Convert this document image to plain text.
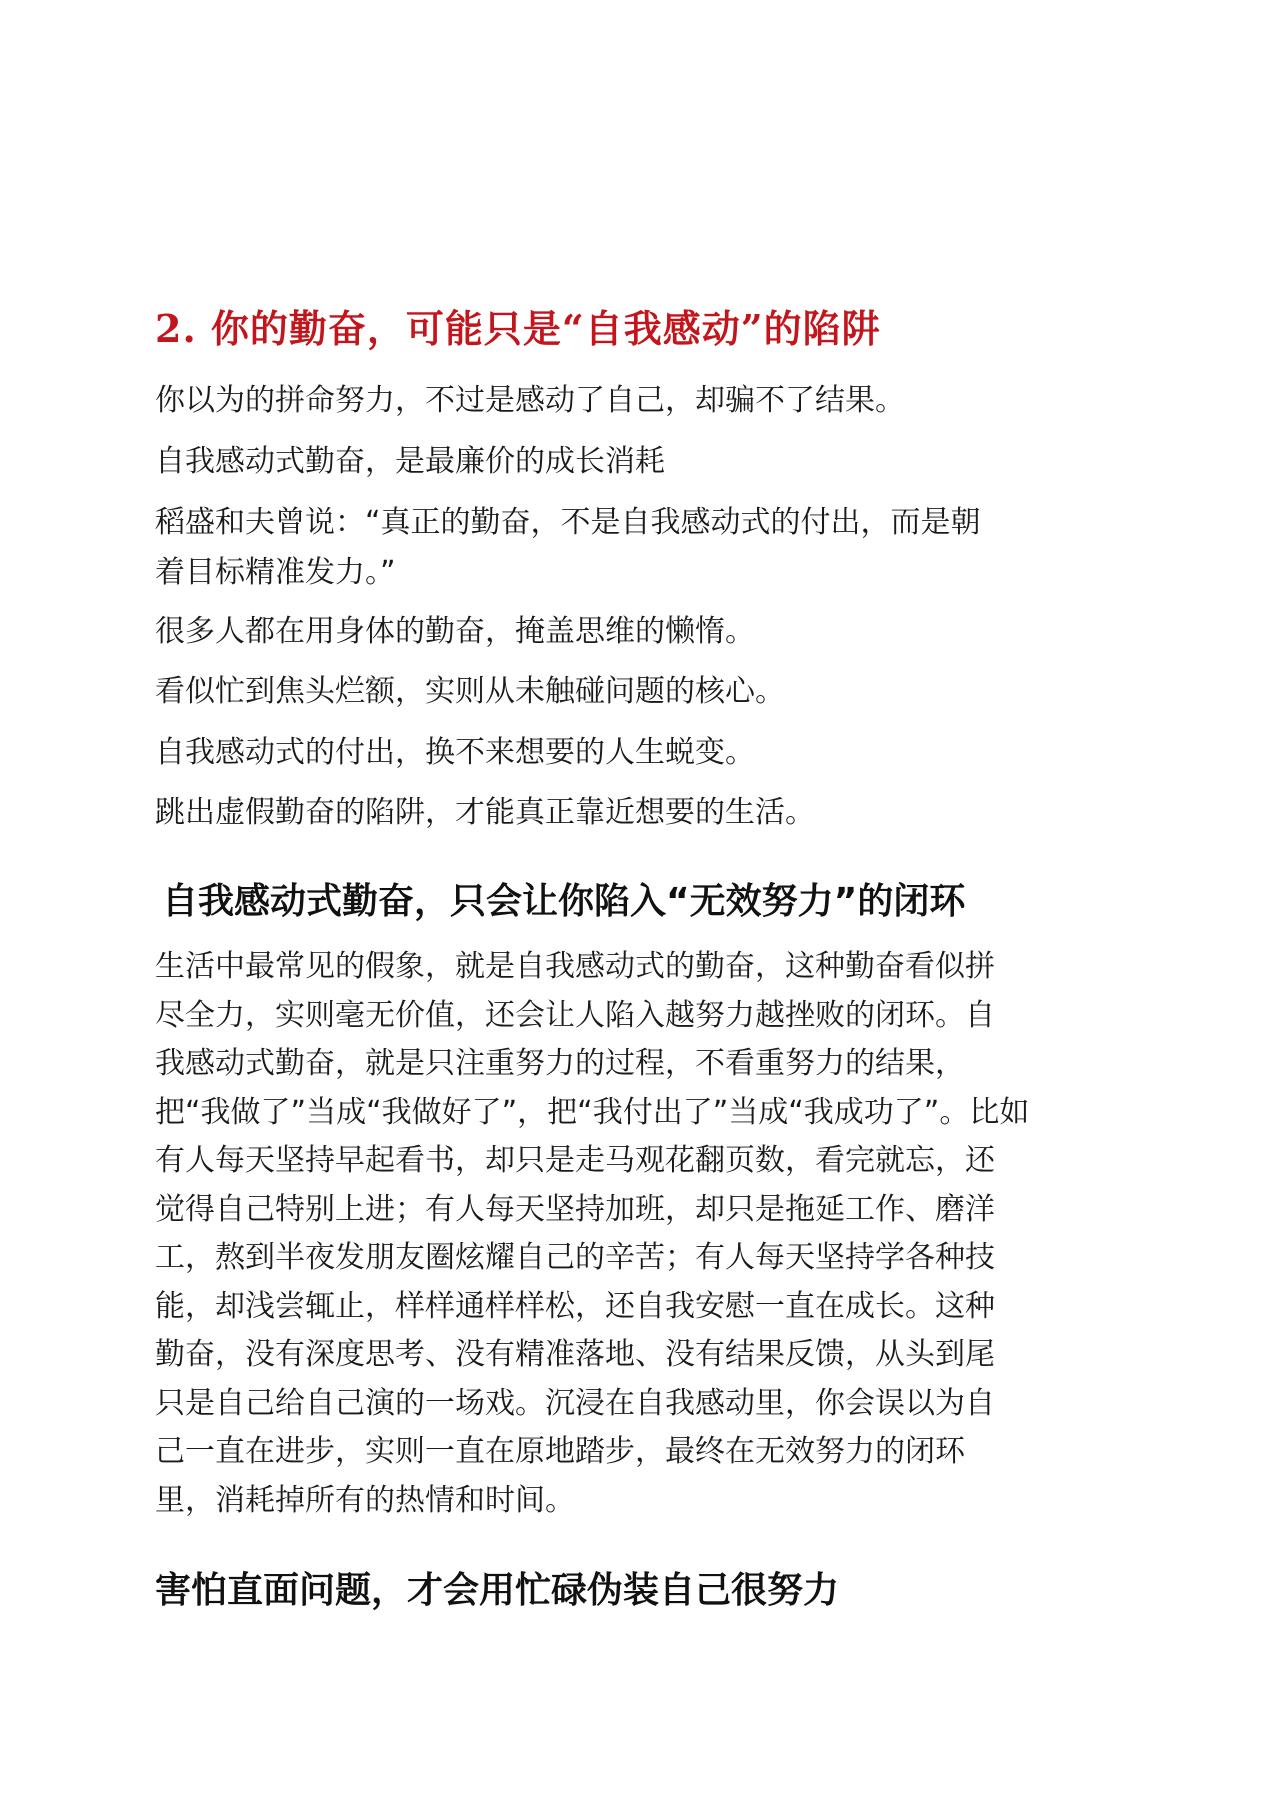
2. 你的勤奋，可能只是“自我感动”的陷阱

你以为的拼命努力，不过是感动了自己，却骗不了结果。

自我感动式勤奋，是最廉价的成长消耗

稻盛和夫曾说：“真正的勤奋，不是自我感动式的付出，而是朝

着目标精准发力。”

很多人都在用身体的勤奋，掩盖思维的懒惰。

看似忙到焦头烂额，实则从未触碰问题的核心。

自我感动式的付出，换不来想要的人生蜕变。

跳出虚假勤奋的陷阱，才能真正靠近想要的生活。

自我感动式勤奋，只会让你陷入“无效努力”的闭环
生活中最常见的假象，就是自我感动式的勤奋，这种勤奋看似拼
尽全力，实则毫无价值，还会让人陷入越努力越挫败的闭环。自
我感动式勤奋，就是只注重努力的过程，不看重努力的结果，
把“我做了”当成“我做好了”，把“我付出了”当成“我成功了”。比如
有人每天坚持早起看书，却只是走马观花翻页数，看完就忘，还
觉得自己特别上进；有人每天坚持加班，却只是拖延工作、磨洋
工，熬到半夜发朋友圈炫耀自己的辛苦；有人每天坚持学各种技
能，却浅尝辄止，样样通样样松，还自我安慰一直在成长。这种
勤奋，没有深度思考、没有精准落地、没有结果反馈，从头到尾
只是自己给自己演的一场戏。沉浸在自我感动里，你会误以为自
己一直在进步，实则一直在原地踏步，最终在无效努力的闭环
里，消耗掉所有的热情和时间。
害怕直面问题，才会用忙碌伪装自己很努力
